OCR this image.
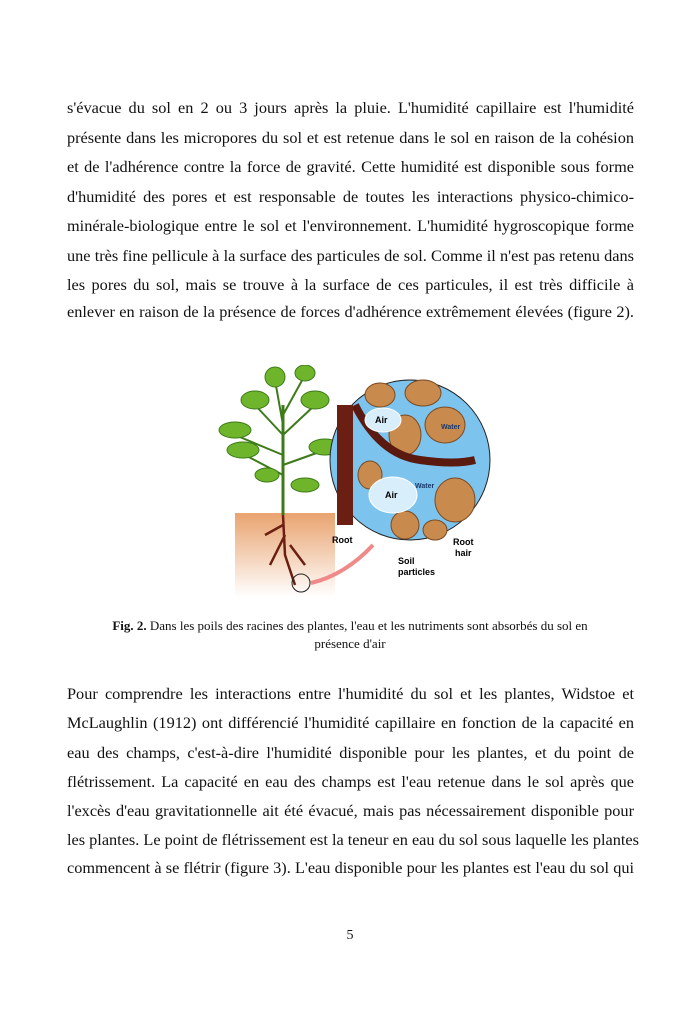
s'évacue du sol en 2 ou 3 jours après la pluie. L'humidité capillaire est l'humidité
présente dans les micropores du sol et est retenue dans le sol en raison de la cohésion
et de l'adhérence contre la force de gravité. Cette humidité est disponible sous forme
d'humidité des pores et est responsable de toutes les interactions physico-chimico-
minérale-biologique entre le sol et l'environnement. L'humidité hygroscopique forme
une très fine pellicule à la surface des particules de sol. Comme il n'est pas retenu dans
les pores du sol, mais se trouve à la surface de ces particules, il est très difficile à
enlever en raison de la présence de forces d'adhérence extrêmement élevées (figure 2).
Air
Air
Water
Water
Root	Root
hair
Soil
particles
Fig. 2. Dans les poils des racines des plantes, l'eau et les nutriments sont absorbés du sol en
présence d'air
Pour comprendre les interactions entre l'humidité du sol et les plantes, Widstoe et
McLaughlin (1912) ont différencié l'humidité capillaire en fonction de la capacité en
eau des champs, c'est-à-dire l'humidité disponible pour les plantes, et du point de
flétrissement. La capacité en eau des champs est l'eau retenue dans le sol après que
l'excès d'eau gravitationnelle ait été évacué, mais pas nécessairement disponible pour
les plantes. Le point de flétrissement est la teneur en eau du sol sous laquelle les plantes
commencent à se flétrir (figure 3). L'eau disponible pour les plantes est l'eau du sol qui
5
